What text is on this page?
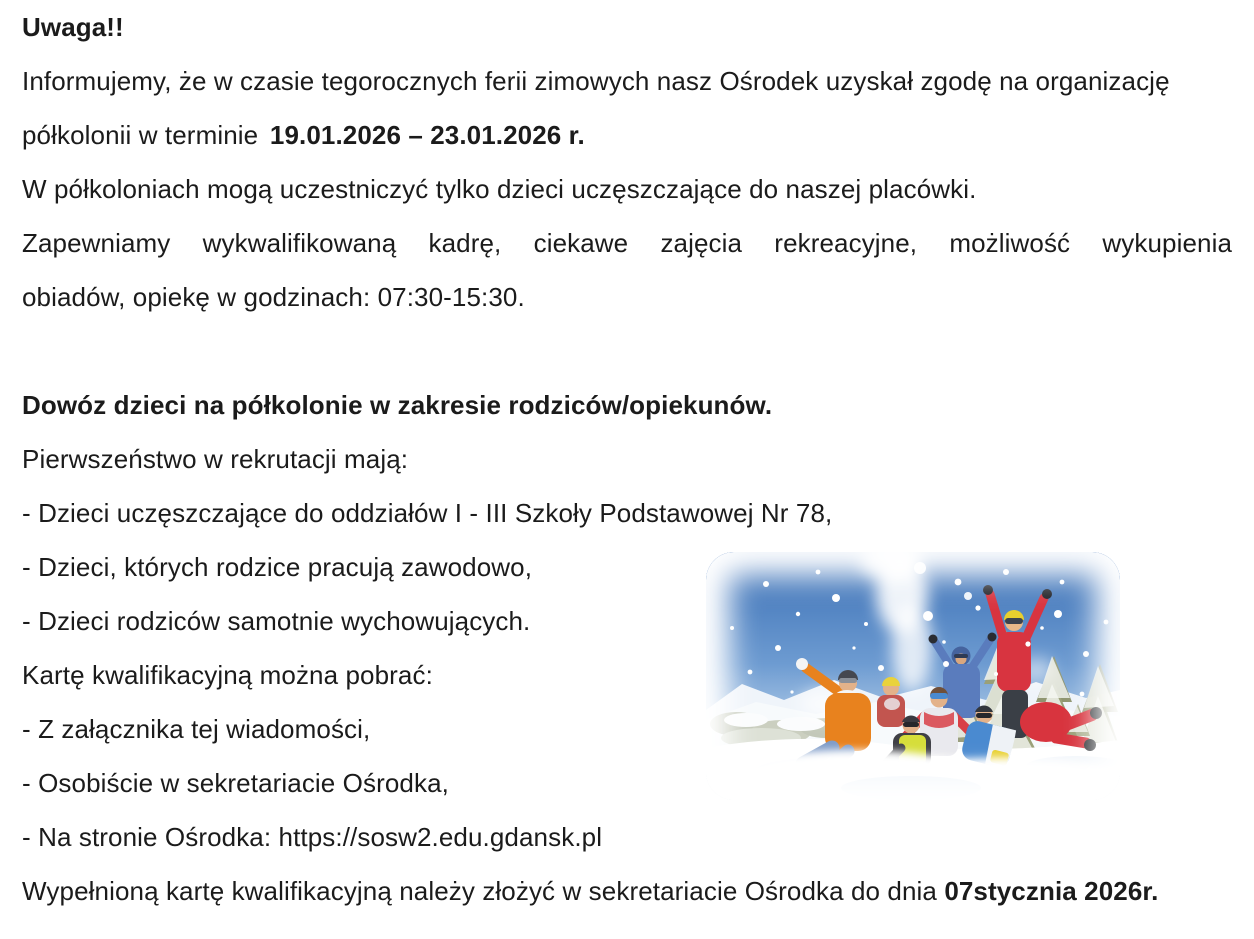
Uwaga!!
Informujemy, że w czasie tegorocznych ferii zimowych nasz Ośrodek uzyskał zgodę na organizację
półkolonii w terminie 19.01.2026 – 23.01.2026 r.
W półkoloniach mogą uczestniczyć tylko dzieci uczęszczające do naszej placówki.
Zapewniamy wykwalifikowaną kadrę, ciekawe zajęcia rekreacyjne, możliwość wykupienia
obiadów, opiekę w godzinach: 07:30-15:30.
Dowóz dzieci na półkolonie w zakresie rodziców/opiekunów.
Pierwszeństwo w rekrutacji mają:
- Dzieci uczęszczające do oddziałów I - III Szkoły Podstawowej Nr 78,
- Dzieci, których rodzice pracują zawodowo,
- Dzieci rodziców samotnie wychowujących.
Kartę kwalifikacyjną można pobrać:
- Z załącznika tej wiadomości,
- Osobiście w sekretariacie Ośrodka,
- Na stronie Ośrodka: https://sosw2.edu.gdansk.pl
Wypełnioną kartę kwalifikacyjną należy złożyć w sekretariacie Ośrodka do dnia 07stycznia 2026r.
